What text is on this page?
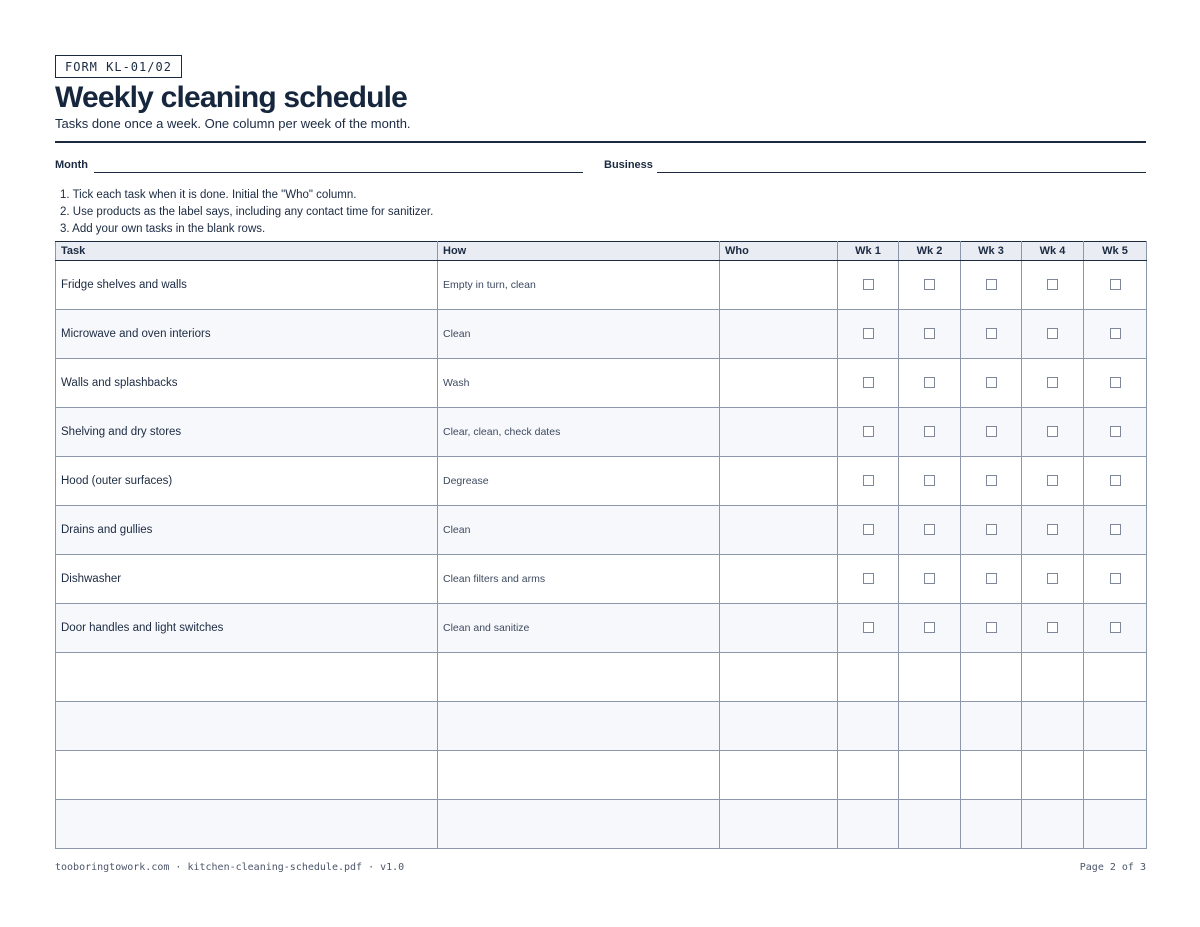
FORM KL-01/02
Weekly cleaning schedule

Tasks done once a week. One column per week of the month.

Month	Business
1. Tick each task when it is done. Initial the "Who" column.
2. Use products as the label says, including any contact time for sanitizer.
3. Add your own tasks in the blank rows.
Task	How	Who	Wk 1	Wk 2	Wk 3	Wk 4	Wk 5
Fridge shelves and walls	Empty in turn, clean						
Microwave and oven interiors	Clean						
Walls and splashbacks	Wash						
Shelving and dry stores	Clear, clean, check dates						
Hood (outer surfaces)	Degrease						
Drains and gullies	Clean						
Dishwasher	Clean filters and arms						
Door handles and light switches	Clean and sanitize						

tooboringtowork.com · kitchen-cleaning-schedule.pdf · v1.0	Page 2 of 3
